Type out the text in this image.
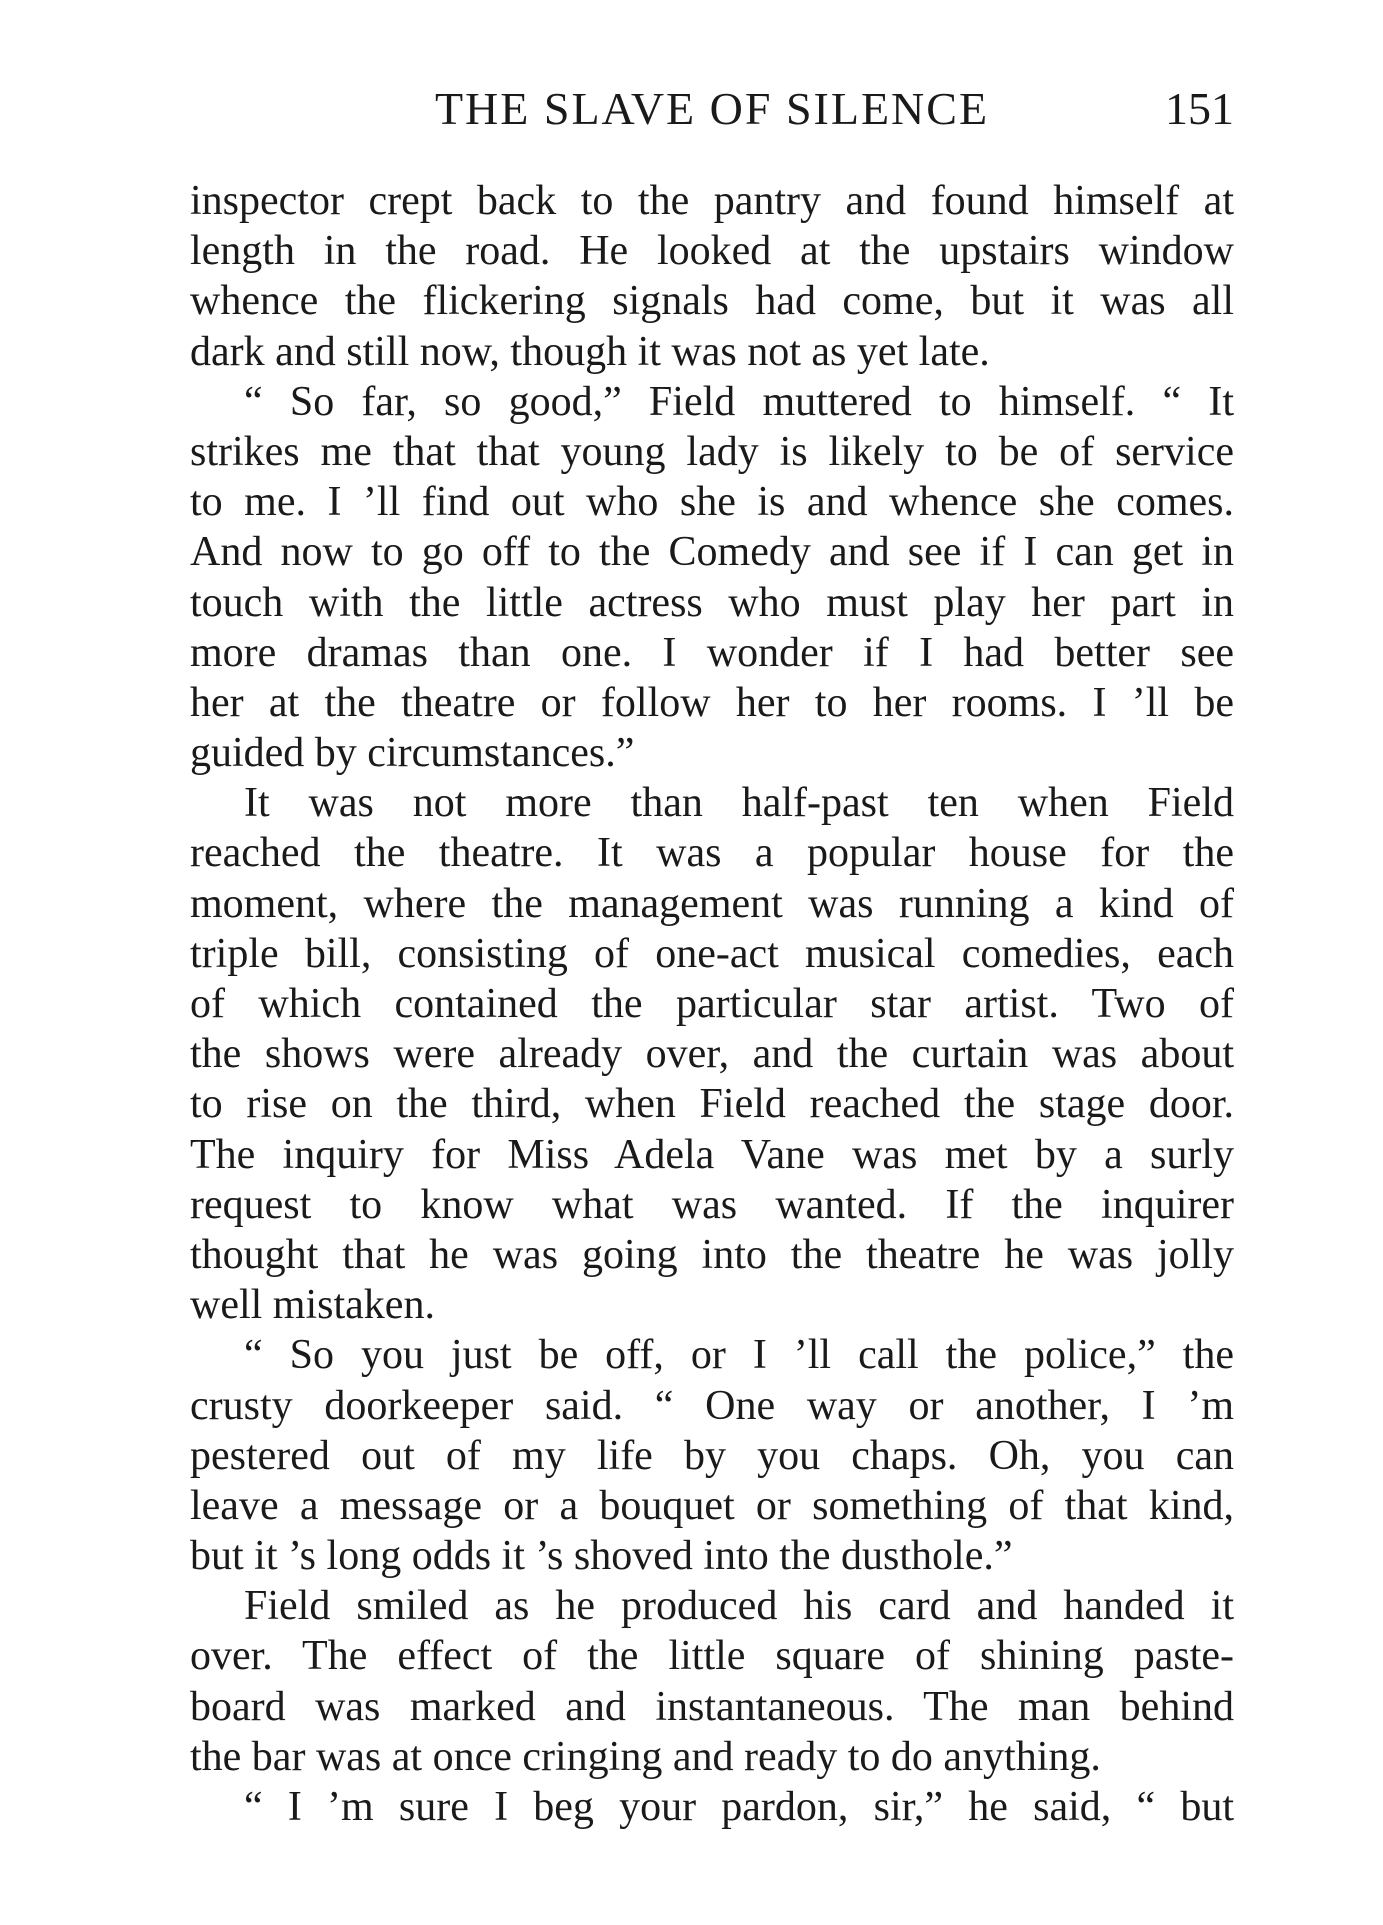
THE SLAVE OF SILENCE	151
inspector crept back to the pantry and found himself at
length in the road. He looked at the upstairs window
whence the flickering signals had come, but it was all
dark and still now, though it was not as yet late.
“ So far, so good,” Field muttered to himself. “ It
strikes me that that young lady is likely to be of service
to me. I ’ll find out who she is and whence she comes.
And now to go off to the Comedy and see if I can get in
touch with the little actress who must play her part in
more dramas than one. I wonder if I had better see
her at the theatre or follow her to her rooms. I ’ll be
guided by circumstances.”
It was not more than half-past ten when Field
reached the theatre. It was a popular house for the
moment, where the management was running a kind of
triple bill, consisting of one-act musical comedies, each
of which contained the particular star artist. Two of
the shows were already over, and the curtain was about
to rise on the third, when Field reached the stage door.
The inquiry for Miss Adela Vane was met by a surly
request to know what was wanted. If the inquirer
thought that he was going into the theatre he was jolly
well mistaken.
“ So you just be off, or I ’ll call the police,” the
crusty doorkeeper said. “ One way or another, I ’m
pestered out of my life by you chaps. Oh, you can
leave a message or a bouquet or something of that kind,
but it ’s long odds it ’s shoved into the dusthole.”
Field smiled as he produced his card and handed it
over. The effect of the little square of shining paste-
board was marked and instantaneous. The man behind
the bar was at once cringing and ready to do anything.
“ I ’m sure I beg your pardon, sir,” he said, “ but
